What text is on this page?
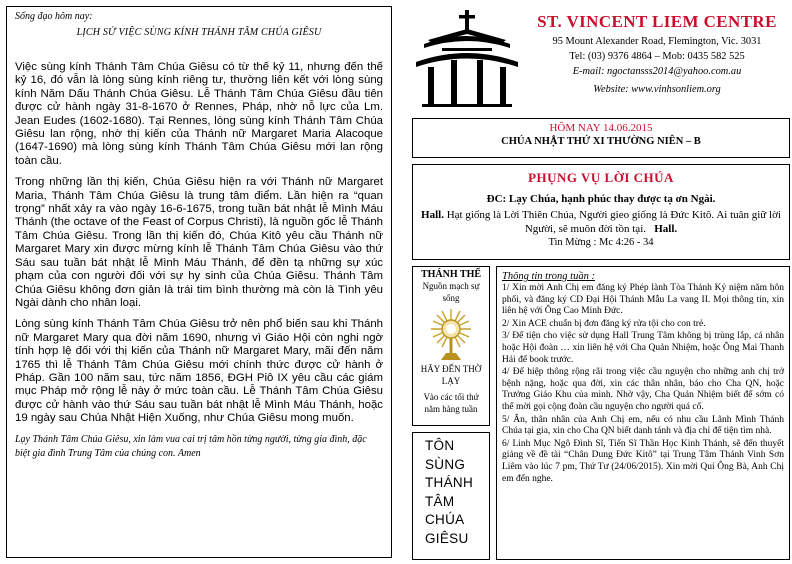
Sống đạo hôm nay:
LỊCH SỬ VIỆC SÙNG KÍNH THÁNH TÂM CHÚA GIÊSU
Việc sùng kính Thánh Tâm Chúa Giêsu có từ thế kỷ 11, nhưng đến thế kỷ 16, đó vẫn là lòng sùng kính riêng tư, thường liên kết với lòng sùng kính Năm Dấu Thánh Chúa Giêsu. Lễ Thánh Tâm Chúa Giêsu đầu tiên được cử hành ngày 31-8-1670 ở Rennes, Pháp, nhờ nỗ lực của Lm. Jean Eudes (1602-1680). Tại Rennes, lòng sùng kính Thánh Tâm Chúa Giêsu lan rộng, nhờ thị kiến của Thánh nữ Margaret Maria Alacoque (1647-1690) mà lòng sùng kính Thánh Tâm Chúa Giêsu mới lan rộng toàn cầu.
Trong những lần thị kiến, Chúa Giêsu hiện ra với Thánh nữ Margaret Maria, Thánh Tâm Chúa Giêsu là trung tâm điểm. Lần hiện ra “quan trọng” nhất xảy ra vào ngày 16-6-1675, trong tuần bát nhật lễ Mình Máu Thánh (the octave of the Feast of Corpus Christi), là nguồn gốc lễ Thánh Tâm Chúa Giêsu. Trong lần thị kiến đó, Chúa Kitô yêu cầu Thánh nữ Margaret Mary xin được mừng kính lễ Thánh Tâm Chúa Giêsu vào thứ Sáu sau tuần bát nhật lễ Mình Máu Thánh, để đền tạ những sự xúc phạm của con người đối với sự hy sinh của Chúa Giêsu. Thánh Tâm Chúa Giêsu không đơn giản là trái tim bình thường mà còn là Tình yêu Ngài dành cho nhân loại.
Lòng sùng kính Thánh Tâm Chúa Giêsu trở nên phổ biến sau khi Thánh nữ Margaret Mary qua đời năm 1690, nhưng vì Giáo Hội còn nghi ngờ tính hợp lệ đối với thị kiến của Thánh nữ Margaret Mary, mãi đến năm 1765 thì lễ Thánh Tâm Chúa Giêsu mới chính thức được cử hành ở Pháp. Gần 100 năm sau, tức năm 1856, ĐGH Piô IX yêu cầu các giám mục Pháp mở rộng lễ này ở mức toàn cầu. Lễ Thánh Tâm Chúa Giêsu được cử hành vào thứ Sáu sau tuần bát nhật lễ Mình Máu Thánh, hoặc 19 ngày sau Chúa Nhật Hiện Xuống, như Chúa Giêsu mong muốn.
Lạy Thánh Tâm Chúa Giêsu, xin làm vua cai trị tâm hồn từng người, từng gia đình, đặc biệt gia đình Trung Tâm của chúng con. Amen
ST. VINCENT LIEM CENTRE
95 Mount Alexander Road, Flemington, Vic. 3031
Tel: (03) 9376 4864 – Mob: 0435 582 525
E-mail: ngoctansss2014@yahoo.com.au
Website: www.vinhsonliem.org
HÔM NAY 14.06.2015
CHÚA NHẬT THỨ XI THƯỜNG NIÊN – B
PHỤNG VỤ LỜI CHÚA
ĐC: Lạy Chúa, hạnh phúc thay được tạ ơn Ngài.
Hall. Hạt giống là Lời Thiên Chúa, Người gieo giống là Đức Kitô. Ai tuân giữ lời Người, sẽ muôn đời tồn tại. Hall.
Tin Mừng : Mc 4:26 - 34
THÁNH THỂ
Nguồn mạch sự sống
HÃY ĐẾN THỜ LẠY
Vào các tối thứ năm hàng tuần
TÔN
SÙNG
THÁNH
TÂM
CHÚA
GIÊSU
Thông tin trong tuần :
1/ Xin mời Anh Chị em đăng ký Phép lành Tòa Thánh Kỷ niệm năm hôn phối, và đăng ký CD Đại Hội Thánh Mẫu La vang II. Mọi thông tin, xin liên hệ với Ông Cao Minh Đức.
2/ Xin ACE chuẩn bị đơn đăng ký rửa tội cho con trẻ.
3/ Để tiện cho việc sử dụng Hall Trung Tâm không bị trùng lắp, cá nhân hoặc Hội đoàn … xin liên hệ với Cha Quản Nhiệm, hoặc Ông Mai Thanh Hải để book trước.
4/ Để hiệp thông rộng rãi trong việc cầu nguyện cho những anh chị trở bệnh nặng, hoặc qua đời, xin các thân nhân, báo cho Cha QN, hoặc Trưởng Giáo Khu của mình. Nhờ vậy, Cha Quản Nhiệm biết để sớm có thể mời gọi cộng đoàn cầu nguyện cho người quá cố.
5/ Ân, thân nhân của Anh Chị em, nếu có nhu cầu Lãnh Mình Thánh Chúa tại gia, xin cho Cha QN biết danh tánh và địa chỉ để tiện tìm nhà.
6/ Linh Mục Ngô Đình Sĩ, Tiến Sĩ Thần Học Kinh Thánh, sẽ đến thuyết giảng về đề tài “Chân Dung Đức Kitô” tại Trung Tâm Thánh Vinh Sơn Liêm vào lúc 7 pm, Thứ Tư (24/06/2015). Xin mời Quí Ông Bà, Anh Chị em đến nghe.
